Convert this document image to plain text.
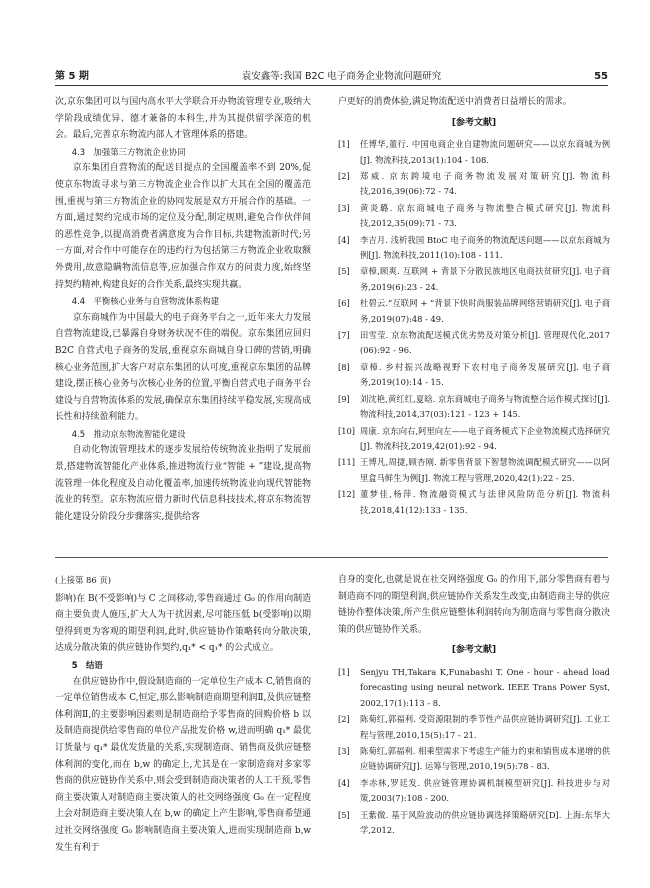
第 5 期	袁安鑫等:我国 B2C 电子商务企业物流问题研究	55

次,京东集团可以与国内高水平大学联合开办物流管理专业,吸纳大学阶段成绩优异、德才兼备的本科生,并为其提供留学深造的机会。最后,完善京东物流内部人才管理体系的搭建。

4.3　加强第三方物流企业协同

京东集团自营物流的配送目提点的全国覆盖率不到 20%,促使京东物流寻求与第三方物流企业合作以扩大其在全国的覆盖范围,重视与第三方物流企业的协同发展是双方开展合作的基础。一方面,通过契约完成市场的定位及分配,制定规则,避免合作伙伴间的恶性竞争,以提高消费者满意度为合作目标,共建物流新时代;另一方面,对合作中可能存在的违约行为包括第三方物流企业收取额外费用,故意隐瞒物流信息等,应加强合作双方的问责力度,始终坚持契约精神,构建良好的合作关系,最终实现共赢。

4.4　平衡核心业务与自营物流体系构建

京东商城作为中国最大的电子商务平台之一,近年来大力发展自营物流建设,已暴露自身财务状况不佳的端倪。京东集团应回归 B2C 自营式电子商务的发展,重视京东商城自身口碑的营销,明确核心业务范围,扩大客户对京东集团的认可度,重视京东集团的品牌建设,摆正核心业务与次核心业务的位置,平衡自营式电子商务平台建设与自营物流体系的发展,确保京东集团持续平稳发展,实现高成长性和持续盈利能力。

4.5　推动京东物流智能化建设

自动化物流管理技术的逐步发展给传统物流业指明了发展前景,搭建物流智能化产业体系,推进物流行业“智能 + ”建设,提高物流管理一体化程度及自动化覆盖率,加速传统物流业向现代智能物流业的转型。京东物流应借力新时代信息科技技术,将京东物流智能化建设分阶段分步骤落实,提供给客

户更好的消费体验,满足物流配送中消费者日益增长的需求。

[参考文献]
[1] 任博华,董行. 中国电商企业自建物流问题研究——以京东商城为例[J]. 物流科技,2013(1):104 - 108.
[2] 郑威. 京东跨境电子商务物流发展对策研究[J]. 物流科技,2016,39(06):72 - 74.
[3] 黄炎璐. 京东商城电子商务与物流整合模式研究[J]. 物流科技,2012,35(09):71 - 73.
[4] 李吉月. 浅析我国 BtoC 电子商务的物流配送问题——以京东商城为例[J]. 物流科技,2011(10):108 - 111.
[5] 章樟,顾爽. 互联网 + 背景下分散民族地区电商扶贫研究[J]. 电子商务,2019(6):23 - 24.
[6] 杜碧云.“互联网 + ”背景下快时尚服装品牌网络营销研究[J]. 电子商务,2019(07):48 - 49.
[7] 田雪莹. 京东物流配送模式优劣势及对策分析[J]. 管理现代化,2017 (06):92 - 96.
[8] 章樟. 乡村振兴战略视野下农村电子商务发展研究[J]. 电子商务,2019(10):14 - 15.
[9] 刘沈艳,黄红红,夏晗. 京东商城电子商务与物流整合运作模式探讨[J]. 物流科技,2014,37(03):121 - 123 + 145.
[10] 周康. 京东向右,阿里向左——电子商务模式下企业物流模式选择研究[J]. 物流科技,2019,42(01):92 - 94.
[11] 王博凡,周捷,顾杏刚. 新零售背景下智慧物流调配模式研究——以阿里盒马鲜生为例[J]. 物流工程与管理,2020,42(1):22 - 25.
[12] 董梦佳,杨萍. 物流融资模式与法律风险防范分析[J]. 物流科技,2018,41(12):133 - 135.
(上接第 86 页)

影响)在 B(不受影响)与 C 之间移动,零售商通过 G₀ 的作用向制造商主要负责人施压,扩大人为干扰因素,尽可能压低 b(受影响)以期望得到更为客观的期望利润,此时,供应链协作策略转向分散决策,达成分散决策的供应链协作契约,q₁* < q₁* 的公式成立。

5　结语

在供应链协作中,假设制造商的一定单位生产成本 C,销售商的一定单位销售成本 C,恒定,那么影响制造商期望利润Ⅱ,及供应链整体利润Ⅱ,的主要影响因素则是制造商给予零售商的回购价格 b 以及制造商提供给零售商的单位产品批发价格 w,进而明确 q₁* 最优订货量与 q₁* 最优发货量的关系,实现制造商、销售商及供应链整体利润的变化,而在 b,w 的确定上,尤其是在一家制造商对多家零售商的供应链协作关系中,则会受到制造商决策者的人工干预,零售商主要决策人对制造商主要决策人的社交网络强度 G₀ 在一定程度上会对制造商主要决策人在 b,w 的确定上产生影响,零售商希望通过社交网络强度 G₀ 影响制造商主要决策人,进而实现制造商 b,w 发生有利于

自身的变化,也就是说在社交网络强度 G₀ 的作用下,部分零售商有着与制造商不同的期望利润,供应链协作关系发生改变,由制造商主导的供应链协作整体决策,所产生供应链整体利润转向为制造商与零售商分散决策的供应链协作关系。

[参考文献]
[1] Senjyu TH,Takara K,Funabashi T. One - hour - ahead load forecasting using neural network. IEEE Trans Power Syst, 2002,17(1):113 - 8.
[2] 陈菊红,郭福利. 受资源限制的季节性产品供应链协调研究[J]. 工业工程与管理,2010,15(5):17 - 21.
[3] 陈菊红,郭福利. 相乘型需求下考虑生产能力约束和销售成本递增的供应链协调研究[J]. 运筹与管理,2010,19(5):78 - 83.
[4] 李赤林,罗廷发. 供应链管理协调机制模型研究[J]. 科技进步与对策,2003(7):108 - 200.
[5] 王紫微. 基于风险波动的供应链协调选择策略研究[D]. 上海:东华大学,2012.
